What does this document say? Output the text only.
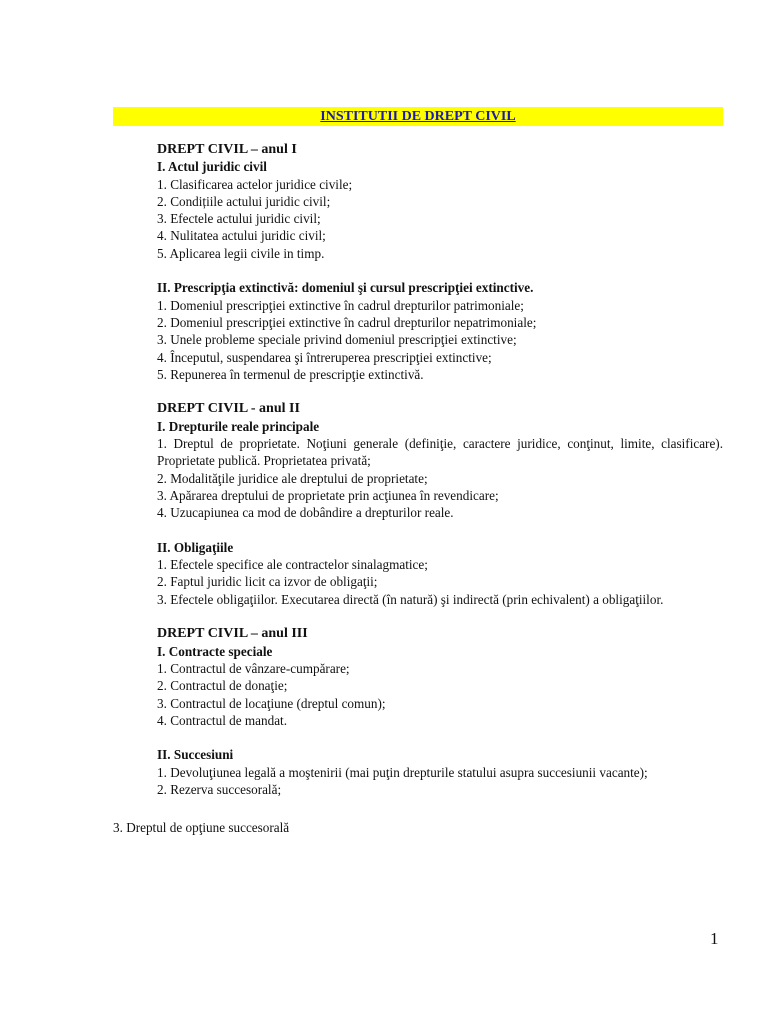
INSTITUTII DE DREPT CIVIL
DREPT CIVIL – anul I
I. Actul juridic civil
1. Clasificarea actelor juridice civile;
2. Condițiile actului juridic civil;
3. Efectele actului juridic civil;
4. Nulitatea actului juridic civil;
5. Aplicarea legii civile in timp.
II. Prescripţia extinctivă: domeniul şi cursul prescripţiei extinctive.
1. Domeniul prescripţiei extinctive în cadrul drepturilor patrimoniale;
2. Domeniul prescripţiei extinctive în cadrul drepturilor nepatrimoniale;
3. Unele probleme speciale privind domeniul prescripţiei extinctive;
4. Începutul, suspendarea şi întreruperea prescripţiei extinctive;
5. Repunerea în termenul de prescripţie extinctivă.
DREPT CIVIL - anul II
I. Drepturile reale principale
1. Dreptul de proprietate. Noţiuni generale (definiţie, caractere juridice, conţinut, limite, clasificare). Proprietate publică. Proprietatea privată;
2. Modalităţile juridice ale dreptului de proprietate;
3. Apărarea dreptului de proprietate prin acţiunea în revendicare;
4. Uzucapiunea ca mod de dobândire a drepturilor reale.
II. Obligaţiile
1. Efectele specifice ale contractelor sinalagmatice;
2. Faptul juridic licit ca izvor de obligaţii;
3. Efectele obligaţiilor. Executarea directă (în natură) şi indirectă (prin echivalent) a obligaţiilor.
DREPT CIVIL – anul III
I. Contracte speciale
1. Contractul de vânzare-cumpărare;
2. Contractul de donaţie;
3. Contractul de locaţiune (dreptul comun);
4. Contractul de mandat.
II. Succesiuni
1. Devoluţiunea legală a moştenirii (mai puţin drepturile statului asupra succesiunii vacante);
2. Rezerva succesorală;
3. Dreptul de opţiune succesorală
1
